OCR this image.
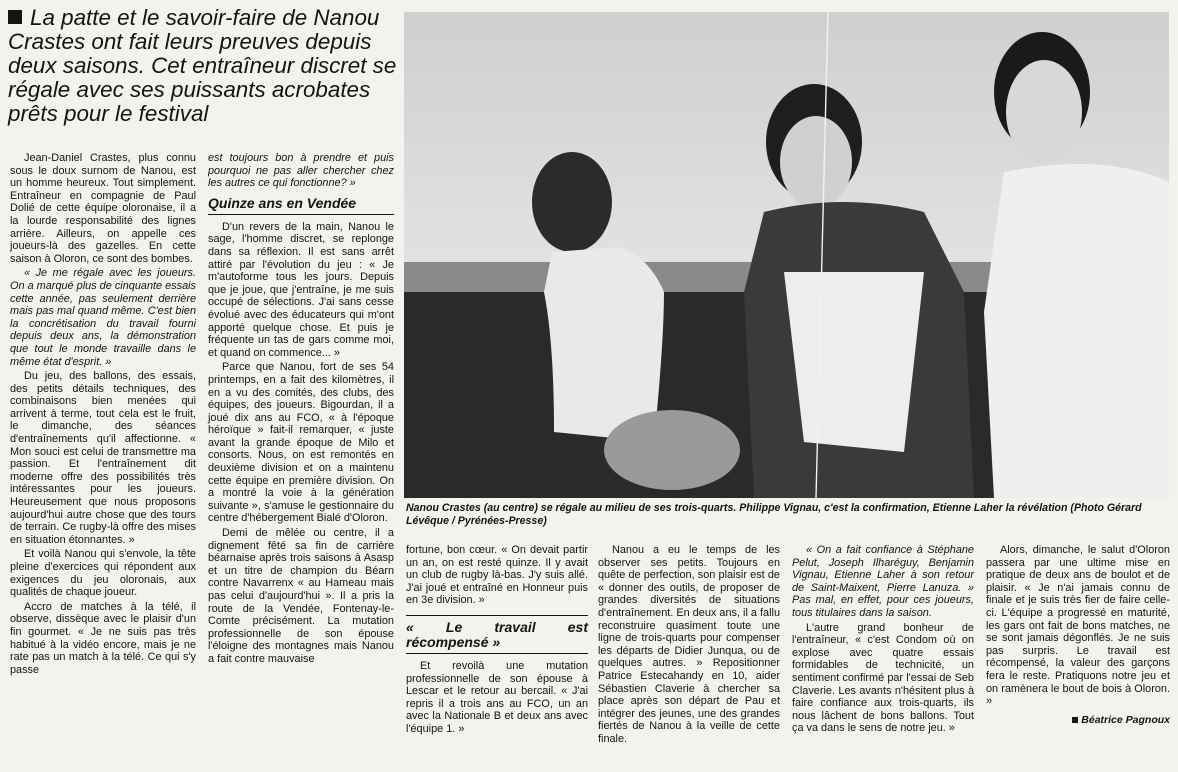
La patte et le savoir-faire de Nanou Crastes ont fait leurs preuves depuis deux saisons. Cet entraîneur discret se régale avec ses puissants acrobates prêts pour le festival

Jean-Daniel Crastes, plus connu sous le doux surnom de Nanou, est un homme heureux. Tout simplement. Entraîneur en compagnie de Paul Dolié de cette équipe oloronaise, il a la lourde responsabilité des lignes arrière. Ailleurs, on appelle ces joueurs-là des gazelles. En cette saison à Oloron, ce sont des bombes.

« Je me régale avec les joueurs. On a marqué plus de cinquante essais cette année, pas seulement derrière mais pas mal quand même. C'est bien la concrétisation du travail fourni depuis deux ans, la démonstration que tout le monde travaille dans le même état d'esprit. »

Du jeu, des ballons, des essais, des petits détails techniques, des combinaisons bien menées qui arrivent à terme, tout cela est le fruit, le dimanche, des séances d'entraînements qu'il affectionne. « Mon souci est celui de transmettre ma passion. Et l'entraînement dit moderne offre des possibilités très intéressantes pour les joueurs. Heureusement que nous proposons aujourd'hui autre chose que des tours de terrain. Ce rugby-là offre des mises en situation étonnantes. »

Et voilà Nanou qui s'envole, la tête pleine d'exercices qui répondent aux exigences du jeu oloronais, aux qualités de chaque joueur.

Accro de matches à la télé, il observe, dissèque avec le plaisir d'un fin gourmet. « Je ne suis pas très habitué à la vidéo encore, mais je ne rate pas un match à la télé. Ce qui s'y passe

est toujours bon à prendre et puis pourquoi ne pas aller chercher chez les autres ce qui fonctionne? »

Quinze ans en Vendée

D'un revers de la main, Nanou le sage, l'homme discret, se replonge dans sa réflexion. Il est sans arrêt attiré par l'évolution du jeu : « Je m'autoforme tous les jours. Depuis que je joue, que j'entraîne, je me suis occupé de sélections. J'ai sans cesse évolué avec des éducateurs qui m'ont apporté quelque chose. Et puis je fréquente un tas de gars comme moi, et quand on commence... »

Parce que Nanou, fort de ses 54 printemps, en a fait des kilomètres, il en a vu des comités, des clubs, des équipes, des joueurs. Bigourdan, il a joué dix ans au FCO, « à l'époque héroïque » fait-il remarquer, « juste avant la grande époque de Milo et consorts. Nous, on est remontés en deuxième division et on a maintenu cette équipe en première division. On a montré la voie à la génération suivante », s'amuse le gestionnaire du centre d'hébergement Bialé d'Oloron.

Demi de mêlée ou centre, il a dignement fêté sa fin de carrière béarnaise après trois saisons à Asasp et un titre de champion du Béarn contre Navarrenx « au Hameau mais pas celui d'aujourd'hui ». Il a pris la route de la Vendée, Fontenay-le-Comte précisément. La mutation professionnelle de son épouse l'éloigne des montagnes mais Nanou a fait contre mauvaise

Nanou Crastes (au centre) se régale au milieu de ses trois-quarts. Philippe Vignau, c'est la confirmation, Etienne Laher la révélation (Photo Gérard Lévêque / Pyrénées-Presse)

fortune, bon cœur. « On devait partir un an, on est resté quinze. Il y avait un club de rugby là-bas. J'y suis allé. J'ai joué et entraîné en Honneur puis en 3e division. »

« Le travail est récompensé »

Et revoilà une mutation professionnelle de son épouse à Lescar et le retour au bercail. « J'ai repris il a trois ans au FCO, un an avec la Nationale B et deux ans avec l'équipe 1. »

Nanou a eu le temps de les observer ses petits. Toujours en quête de perfection, son plaisir est de « donner des outils, de proposer de grandes diversités de situations d'entraînement. En deux ans, il a fallu reconstruire quasiment toute une ligne de trois-quarts pour compenser les départs de Didier Junqua, ou de quelques autres. » Repositionner Patrice Estecahandy en 10, aider Sébastien Claverie à chercher sa place après son départ de Pau et intégrer des jeunes, une des grandes fiertés de Nanou à la veille de cette finale.

« On a fait confiance à Stéphane Pelut, Joseph Ilharéguy, Benjamin Vignau, Etienne Laher à son retour de Saint-Maixent, Pierre Lanuza. » Pas mal, en effet, pour ces joueurs, tous titulaires dans la saison.

L'autre grand bonheur de l'entraîneur, « c'est Condom où on explose avec quatre essais formidables de technicité, un sentiment confirmé par l'essai de Seb Claverie. Les avants n'hésitent plus à faire confiance aux trois-quarts, ils nous lâchent de bons ballons. Tout ça va dans le sens de notre jeu. »

Alors, dimanche, le salut d'Oloron passera par une ultime mise en pratique de deux ans de boulot et de plaisir. « Je n'ai jamais connu de finale et je suis très fier de faire celle-ci. L'équipe a progressé en maturité, les gars ont fait de bons matches, ne se sont jamais dégonflés. Je ne suis pas surpris. Le travail est récompensé, la valeur des garçons fera le reste. Pratiquons notre jeu et on ramènera le bout de bois à Oloron. »

Béatrice Pagnoux
